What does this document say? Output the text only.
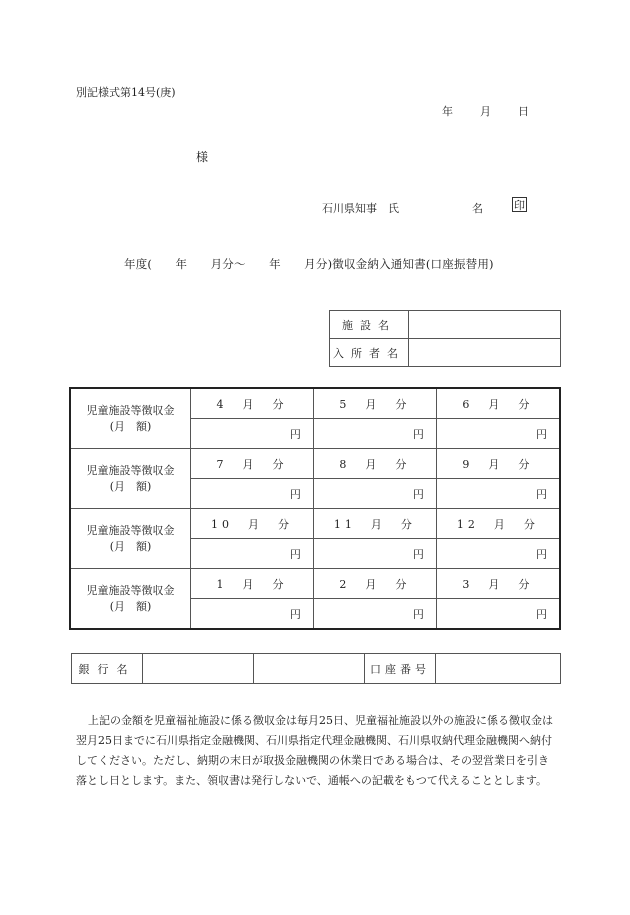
別記様式第14号(庚)
年 月 日
様
石川県知事　氏	名	印
年度(　　年　　月分〜　　年　　月分)徴収金納入通知書(口座振替用)
施設名	
入所者名	
児童施設等徴収金
(月　額)	4　月　分	5　月　分	6　月　分
	円	円	円

児童施設等徴収金
(月　額)	7　月　分	8　月　分	9　月　分
	円	円	円

児童施設等徴収金
(月　額)	10　月　分	11　月　分	12　月　分
	円	円	円

児童施設等徴収金
(月　額)	1　月　分	2　月　分	3　月　分
	円	円	円
銀行名			口座番号	
上記の金額を児童福祉施設に係る徴収金は毎月25日、児童福祉施設以外の施設に係る徴収金は翌月25日までに石川県指定金融機関、石川県指定代理金融機関、石川県収納代理金融機関へ納付してください。ただし、納期の末日が取扱金融機関の休業日である場合は、その翌営業日を引き落とし日とします。また、領収書は発行しないで、通帳への記載をもつて代えることとします。
